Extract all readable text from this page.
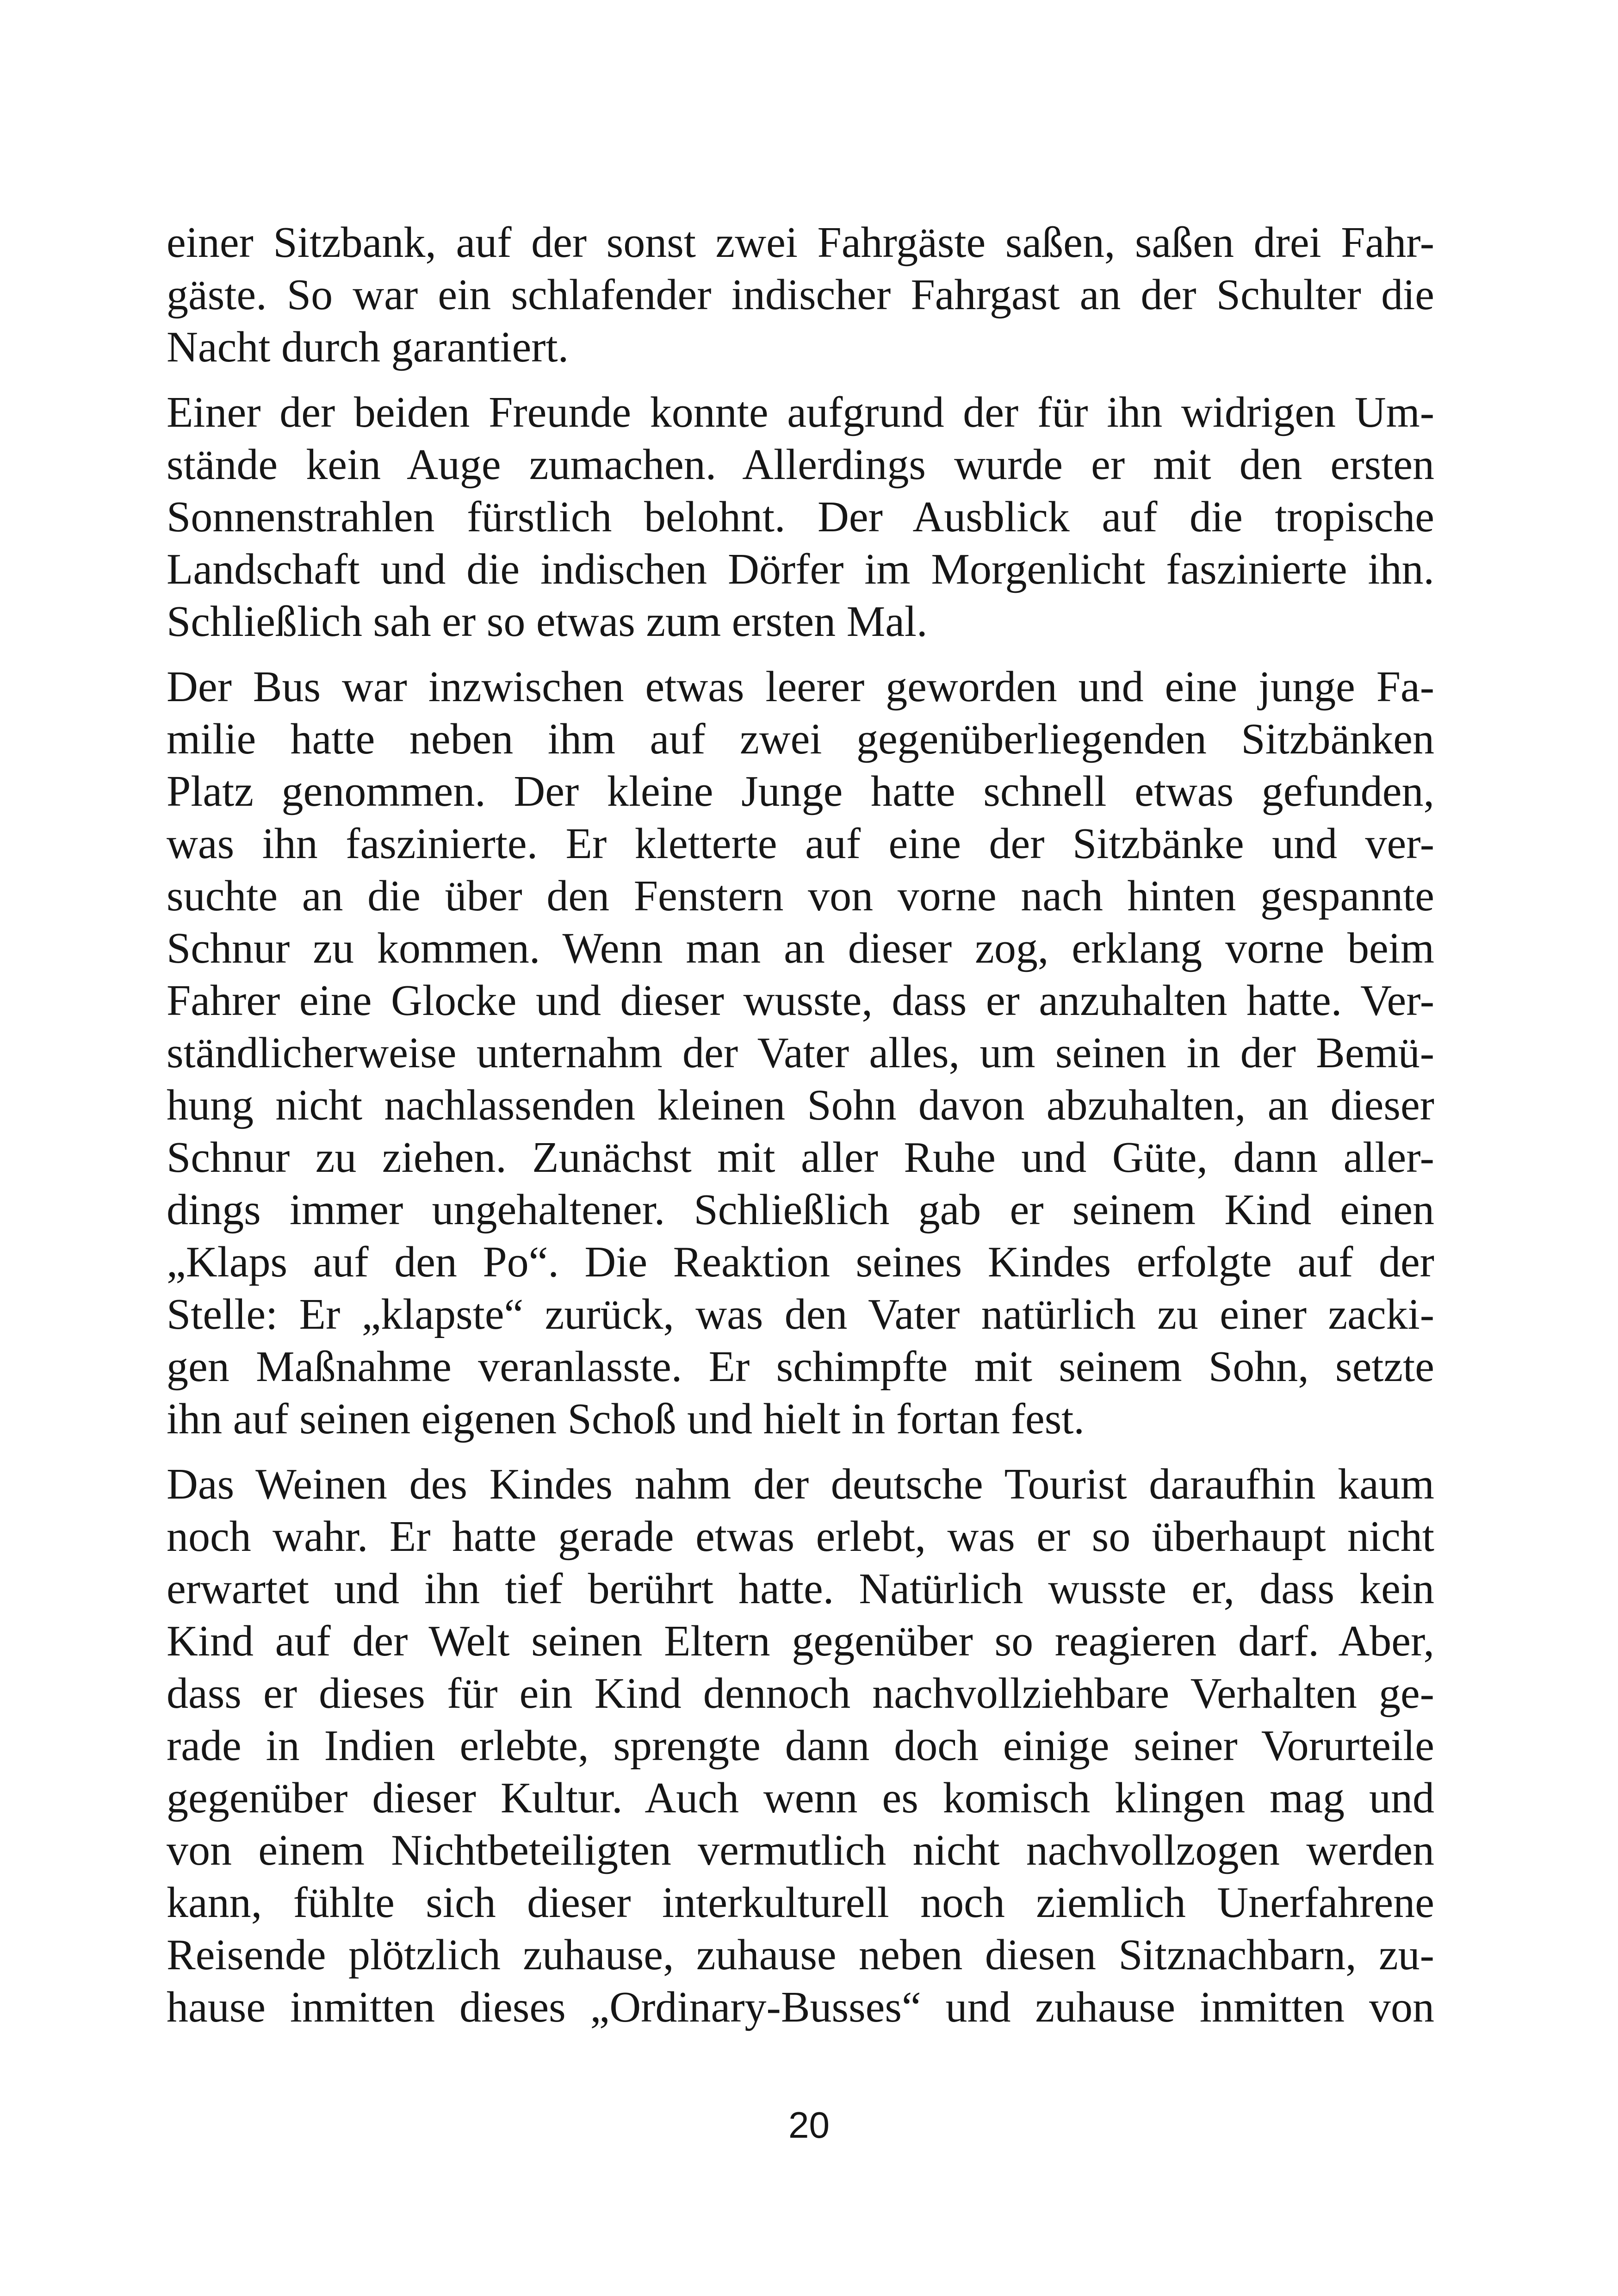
einer Sitzbank, auf der sonst zwei Fahrgäste saßen, saßen drei Fahr-
gäste. So war ein schlafender indischer Fahrgast an der Schulter die
Nacht durch garantiert.

Einer der beiden Freunde konnte aufgrund der für ihn widrigen Um-
stände kein Auge zumachen. Allerdings wurde er mit den ersten
Sonnenstrahlen fürstlich belohnt. Der Ausblick auf die tropische
Landschaft und die indischen Dörfer im Morgenlicht faszinierte ihn.
Schließlich sah er so etwas zum ersten Mal.

Der Bus war inzwischen etwas leerer geworden und eine junge Fa-
milie hatte neben ihm auf zwei gegenüberliegenden Sitzbänken
Platz genommen. Der kleine Junge hatte schnell etwas gefunden,
was ihn faszinierte. Er kletterte auf eine der Sitzbänke und ver-
suchte an die über den Fenstern von vorne nach hinten gespannte
Schnur zu kommen. Wenn man an dieser zog, erklang vorne beim
Fahrer eine Glocke und dieser wusste, dass er anzuhalten hatte. Ver-
ständlicherweise unternahm der Vater alles, um seinen in der Bemü-
hung nicht nachlassenden kleinen Sohn davon abzuhalten, an dieser
Schnur zu ziehen. Zunächst mit aller Ruhe und Güte, dann aller-
dings immer ungehaltener. Schließlich gab er seinem Kind einen
„Klaps auf den Po“. Die Reaktion seines Kindes erfolgte auf der
Stelle: Er „klapste“ zurück, was den Vater natürlich zu einer zacki-
gen Maßnahme veranlasste. Er schimpfte mit seinem Sohn, setzte
ihn auf seinen eigenen Schoß und hielt in fortan fest.

Das Weinen des Kindes nahm der deutsche Tourist daraufhin kaum
noch wahr. Er hatte gerade etwas erlebt, was er so überhaupt nicht
erwartet und ihn tief berührt hatte. Natürlich wusste er, dass kein
Kind auf der Welt seinen Eltern gegenüber so reagieren darf. Aber,
dass er dieses für ein Kind dennoch nachvollziehbare Verhalten ge-
rade in Indien erlebte, sprengte dann doch einige seiner Vorurteile
gegenüber dieser Kultur. Auch wenn es komisch klingen mag und
von einem Nichtbeteiligten vermutlich nicht nachvollzogen werden
kann, fühlte sich dieser interkulturell noch ziemlich Unerfahrene
Reisende plötzlich zuhause, zuhause neben diesen Sitznachbarn, zu-
hause inmitten dieses „Ordinary-Busses“ und zuhause inmitten von

20
